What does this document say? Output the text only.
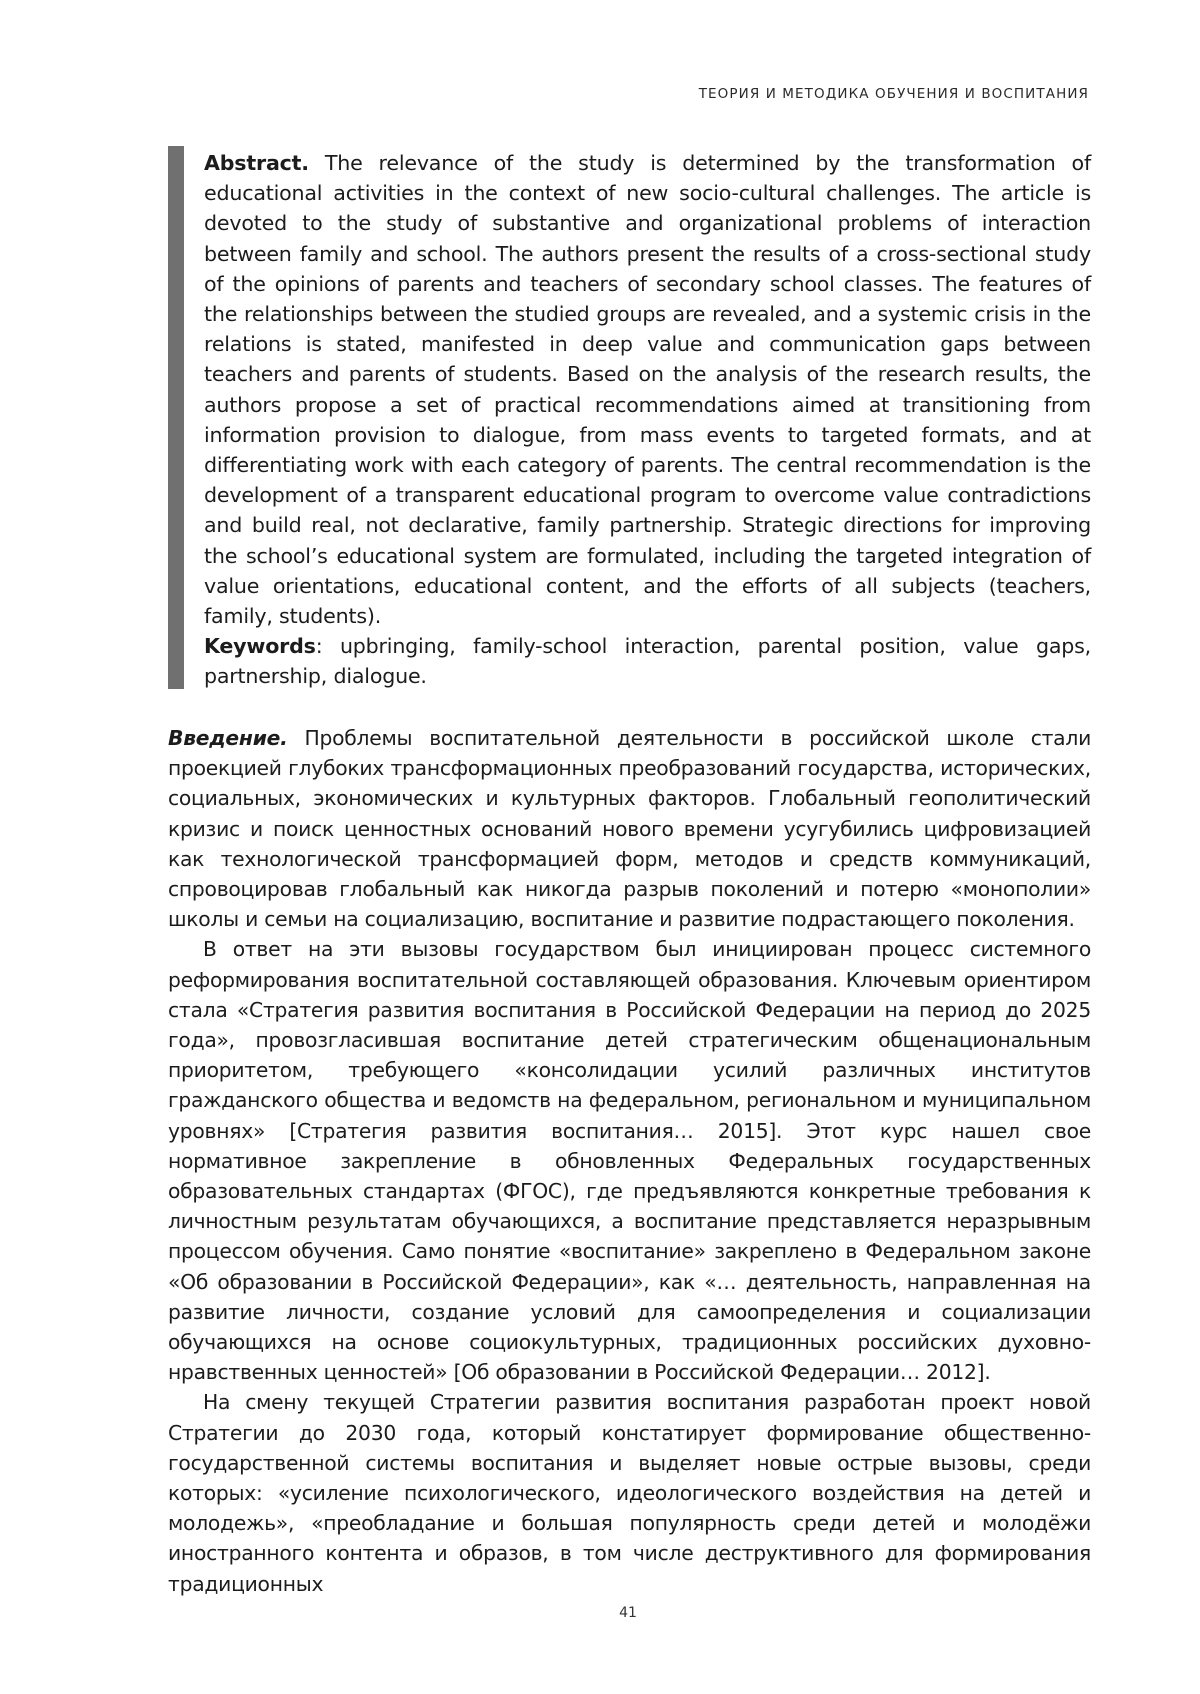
ТЕОРИЯ И МЕТОДИКА ОБУЧЕНИЯ И ВОСПИТАНИЯ

Abstract. The relevance of the study is determined by the transformation of educational activities in the context of new socio-cultural challenges. The article is devoted to the study of substantive and organizational problems of interaction between family and school. The authors present the results of a cross-sectional study of the opinions of parents and teachers of secondary school classes. The features of the relationships between the studied groups are revealed, and a systemic crisis in the relations is stated, manifested in deep value and communication gaps between teachers and parents of students. Based on the analysis of the research results, the authors propose a set of practical recommendations aimed at transitioning from information provision to dialogue, from mass events to targeted formats, and at differentiating work with each category of parents. The central recommendation is the development of a transparent educational program to overcome value contradictions and build real, not declarative, family partnership. Strategic directions for improving the school’s educational system are formulated, including the targeted integration of value orientations, educational content, and the efforts of all subjects (teachers, family, students).

Keywords: upbringing, family-school interaction, parental position, value gaps, partnership, dialogue.

Введение. Проблемы воспитательной деятельности в российской школе стали проекцией глубоких трансформационных преобразований государства, исторических, социальных, экономических и культурных факторов. Глобальный геополитический кризис и поиск ценностных оснований нового времени усугубились цифровизацией как технологической трансформацией форм, методов и средств коммуникаций, спровоцировав глобальный как никогда разрыв поколений и потерю «монополии» школы и семьи на социализацию, воспитание и развитие подрастающего поколения.

В ответ на эти вызовы государством был инициирован процесс системного реформирования воспитательной составляющей образования. Ключевым ориентиром стала «Стратегия развития воспитания в Российской Федерации на период до 2025 года», провозгласившая воспитание детей стратегическим общенациональным приоритетом, требующего «консолидации усилий различных институтов гражданского общества и ведомств на федеральном, региональном и муниципальном уровнях» [Стратегия развития воспитания… 2015]. Этот курс нашел свое нормативное закрепление в обновленных Федеральных государственных образовательных стандартах (ФГОС), где предъявляются конкретные требования к личностным результатам обучающихся, а воспитание представляется неразрывным процессом обучения. Само понятие «воспитание» закреплено в Федеральном законе «Об образовании в Российской Федерации», как «… деятельность, направленная на развитие личности, создание условий для самоопределения и социализации обучающихся на основе социокультурных, традиционных российских духовно-нравственных ценностей» [Об образовании в Российской Федерации… 2012].

На смену текущей Стратегии развития воспитания разработан проект новой Стратегии до 2030 года, который констатирует формирование общественно-государственной системы воспитания и выделяет новые острые вызовы, среди которых: «усиление психологического, идеологического воздействия на детей и молодежь», «преобладание и большая популярность среди детей и молодёжи иностранного контента и образов, в том числе деструктивного для формирования традиционных

41
